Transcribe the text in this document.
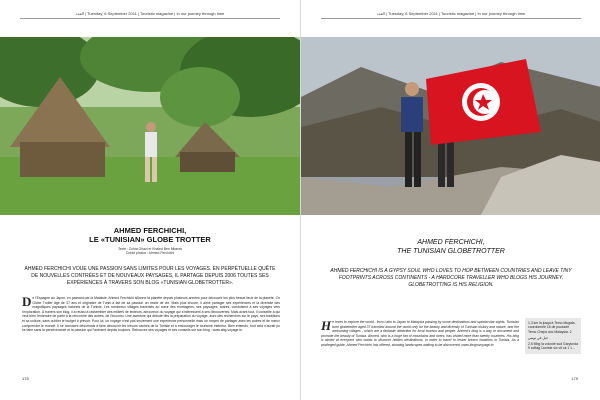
العدد | Tuesday, 6 September 2011 | Touristic magazine | In our journey through time
AHMED FERCHICHI,
LE «TUNISIAN» GLOBE TROTTER
Texte : Zohra Ghazi et Khaled Ben Mbarek
Crédit photos : Ahmed Ferchichi
AHMED FERCHICHI VOUE UNE PASSION SANS LIMITES POUR LES VOYAGES. EN PERPÉTUELLE QUÊTE DE NOUVELLES CONTRÉES ET DE NOUVEAUX PAYSAGES, IL PARTAGE DEPUIS 2006 TOUTES SES EXPÉRIENCES À TRAVERS SON BLOG «TUNISIAN GLOBETROTTER».
De l'Espagne au Japon, en passant par la Malaisie, Ahmed Ferchichi sillonne la planète depuis plusieurs années pour découvrir les plus beaux lieux de la planète. Ce Globe Trotter âgé de 37 ans et originaire de Tunis a fait de sa passion un mode de vie. Mais plus encore, il aime partager ses expériences et la diversité des magnifiques paysages naturels de la Tunisie. Les nombreux villages traversés au cœur des montagnes, ses paysages, autres, conduisent à ses voyages vers l'exploration. À travers son blog, il a réussi à rassembler des milliers de lecteurs, amoureux du voyage qui s'intéressent à ses découvertes. Mais avant tout, il conseille à qui veut bien l'entendre de partir à la rencontre des autres, de l'inconnu. Une aventure qui débute dès la préparation du voyage, avec des recherches sur le pays, ses traditions et sa culture, sans oublier le budget à prévoir. Pour lui, un voyage n'est pas seulement une expérience personnelle mais un moyen de partager avec les autres et de mieux comprendre le monde. Il se consacre désormais à faire découvrir les trésors cachés de la Tunisie et à encourager le tourisme intérieur. Bien entendu, tout cela n'aurait pu se faire sans la persévérance et la passion qui l'animent depuis toujours. Retrouvez ses voyages et ses conseils sur son blog : www.abg-voyage.tn
178
العدد | Tuesday, 6 September 2011 | Touristic magazine | In our journey through time
AHMED FERCHICHI,
THE TUNISIAN GLOBETROTTER
AHMED FERCHICHI IS A GYPSY SOUL WHO LOVES TO HOP BETWEEN COUNTRIES AND LEAVE TINY FOOTPRINTS ACROSS CONTINENTS - A HARDCORE TRAVELLER WHO BLOGS HIS JOURNEY. GLOBETROTTING IS HIS RELIGION.
He loves to explore the world - from Latin to Japan to Malaysia passing by some destinations and spectacular sights. Tunisian born globetrotter aged 37 travelled around the world only for the beauty and diversity of Tunisian history and nature, and the welcoming villages - which are a fantastic attraction for local tourism and people. Ahmed's blog is a way to document and promote the beauty of Tunisia. Ahmed, who is a huge fan of mountains and rivers, has visited more than twenty countries. His blog is aimed at everyone who wants to discover hidden destinations, in order to travel to lesser known locations in Tunisia. As a privileged guide, Ahmed Ferchichi has offered, showing landscapes waiting to be discovered. www.tbcgmvoyage.tn

1,3 km la jusqu'à Temo Mugala, coordonnée 16 de poussée Temo Cheps anc Malaysia. 2

جبل في تونس

2,5 Mbg la volonté sud Garyunda 9 zoffag Cuniste sic vit ok 1 1…

179
